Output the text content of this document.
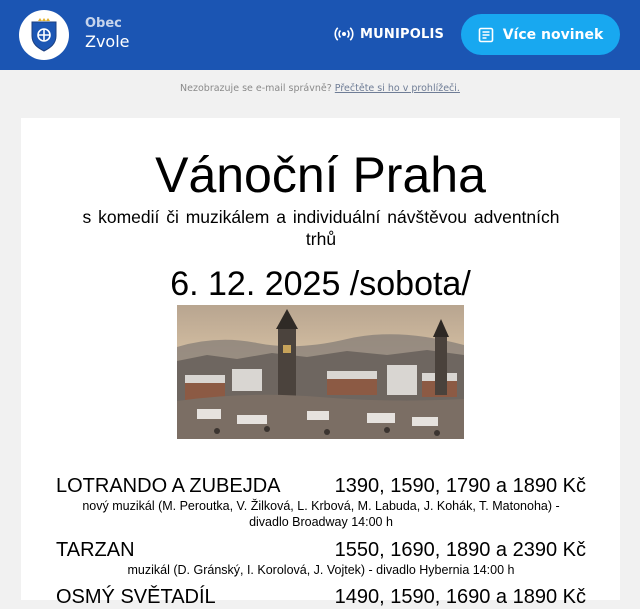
Obec
Zvole	MUNIPOLIS	Více novinek
Nezobrazuje se e-mail správně? Přečtěte si ho v prohlížeči.
Vánoční Praha
s komedií či muzikálem a individuální návštěvou adventních trhů
6. 12. 2025 /sobota/
LOTRANDO A ZUBEJDA	1390, 1590, 1790 a 1890 Kč
nový muzikál (M. Peroutka, V. Žilková, L. Krbová, M. Labuda, J. Kohák, T. Matonoha) - divadlo Broadway 14:00 h
TARZAN	1550, 1690, 1890 a 2390 Kč
muzikál (D. Gránský, I. Korolová, J. Vojtek) - divadlo Hybernia 14:00 h
OSMÝ SVĚTADÍL	1490, 1590, 1690 a 1890 Kč
